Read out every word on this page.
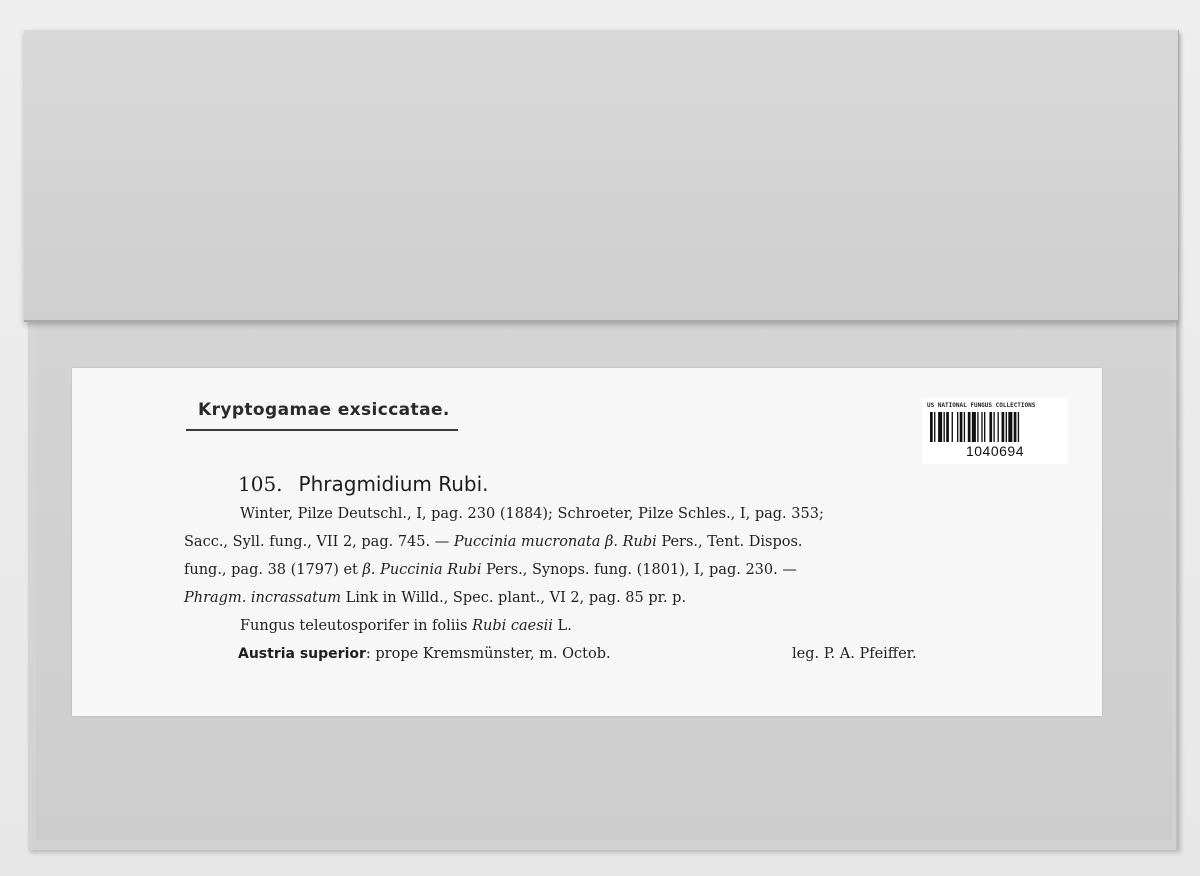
Kryptogamae exsiccatae.	US NATIONAL FUNGUS COLLECTIONS
1040694
105. Phragmidium Rubi.
Winter, Pilze Deutschl., I, pag. 230 (1884); Schroeter, Pilze Schles., I, pag. 353;
Sacc., Syll. fung., VII 2, pag. 745. — Puccinia mucronata β. Rubi Pers., Tent. Dispos.
fung., pag. 38 (1797) et β. Puccinia Rubi Pers., Synops. fung. (1801), I, pag. 230. —
Phragm. incrassatum Link in Willd., Spec. plant., VI 2, pag. 85 pr. p.
Fungus teleutosporifer in foliis Rubi caesii L.
Austria superior: prope Kremsmünster, m. Octob.	leg. P. A. Pfeiffer.
